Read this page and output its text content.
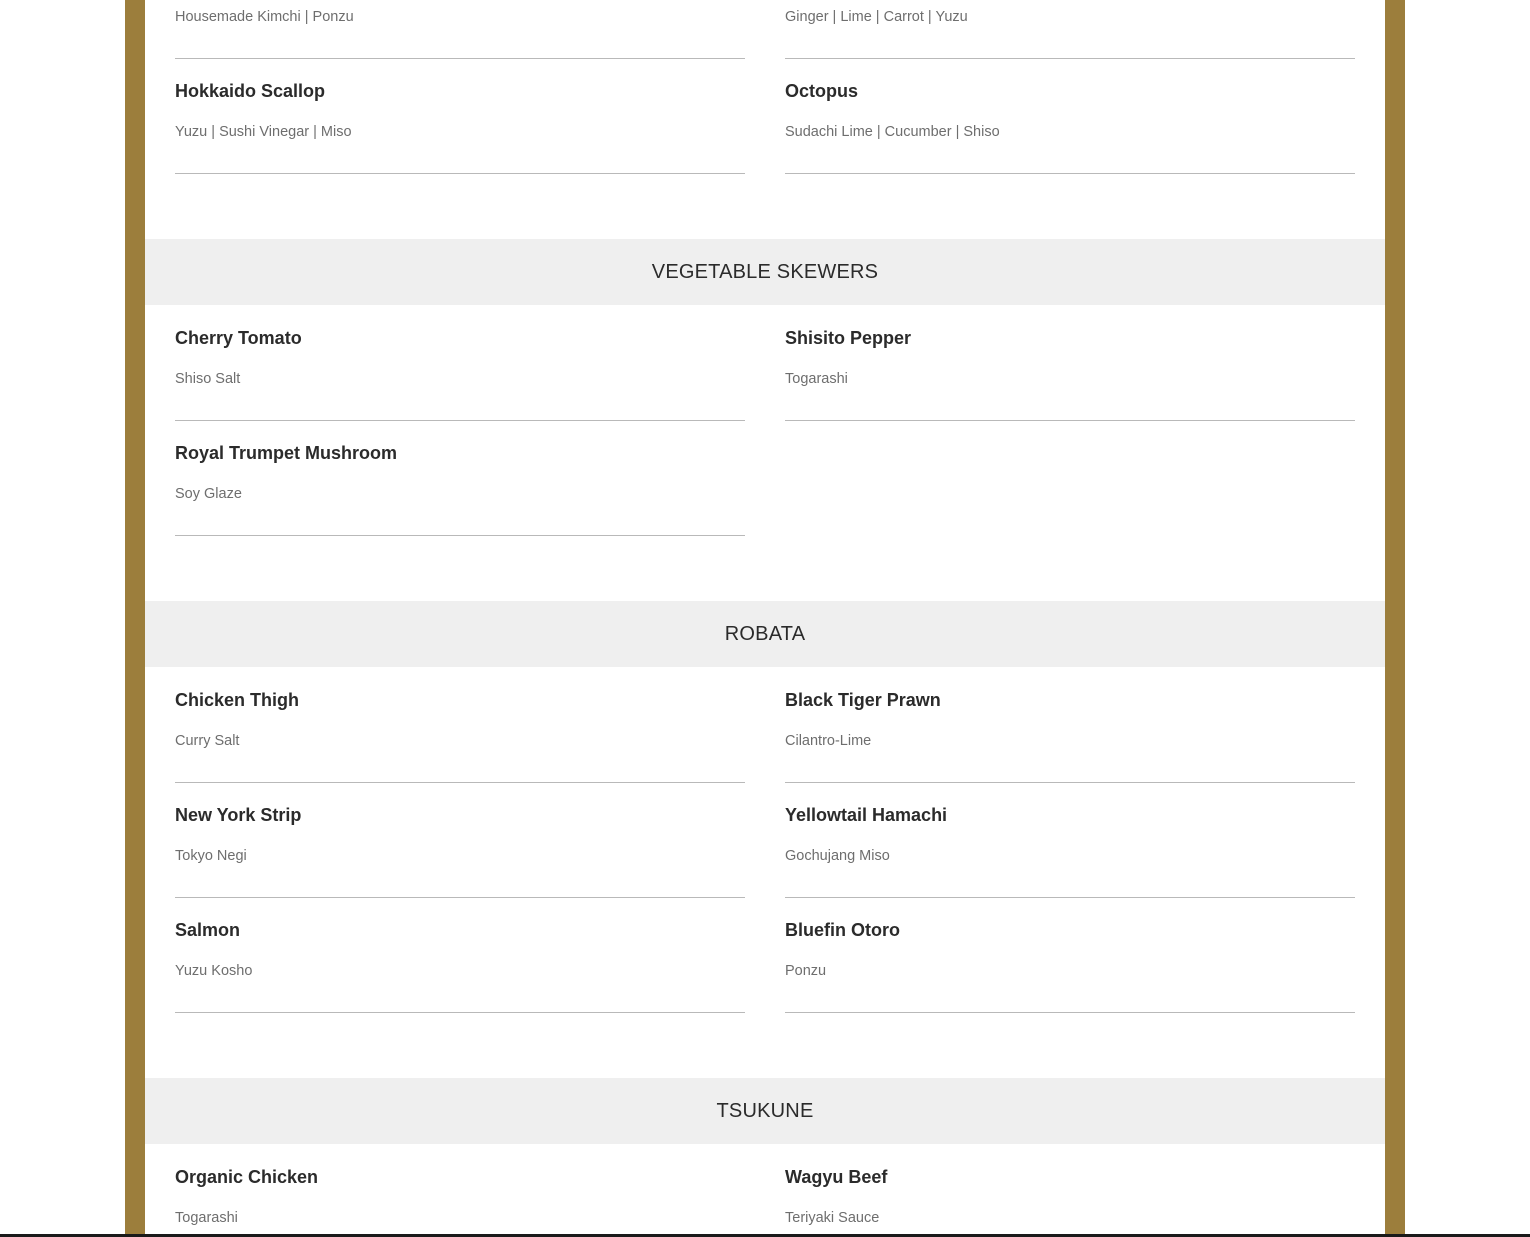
Housemade Kimchi | Ponzu	Ginger | Lime | Carrot | Yuzu
Hokkaido Scallop
Yuzu | Sushi Vinegar | Miso
Octopus
Sudachi Lime | Cucumber | Shiso
VEGETABLE SKEWERS
Cherry Tomato
Shiso Salt
Shisito Pepper
Togarashi
Royal Trumpet Mushroom
Soy Glaze
ROBATA
Chicken Thigh
Curry Salt
Black Tiger Prawn
Cilantro-Lime
New York Strip
Tokyo Negi
Yellowtail Hamachi
Gochujang Miso
Salmon
Yuzu Kosho
Bluefin Otoro
Ponzu
TSUKUNE
Organic Chicken
Togarashi
Wagyu Beef
Teriyaki Sauce
